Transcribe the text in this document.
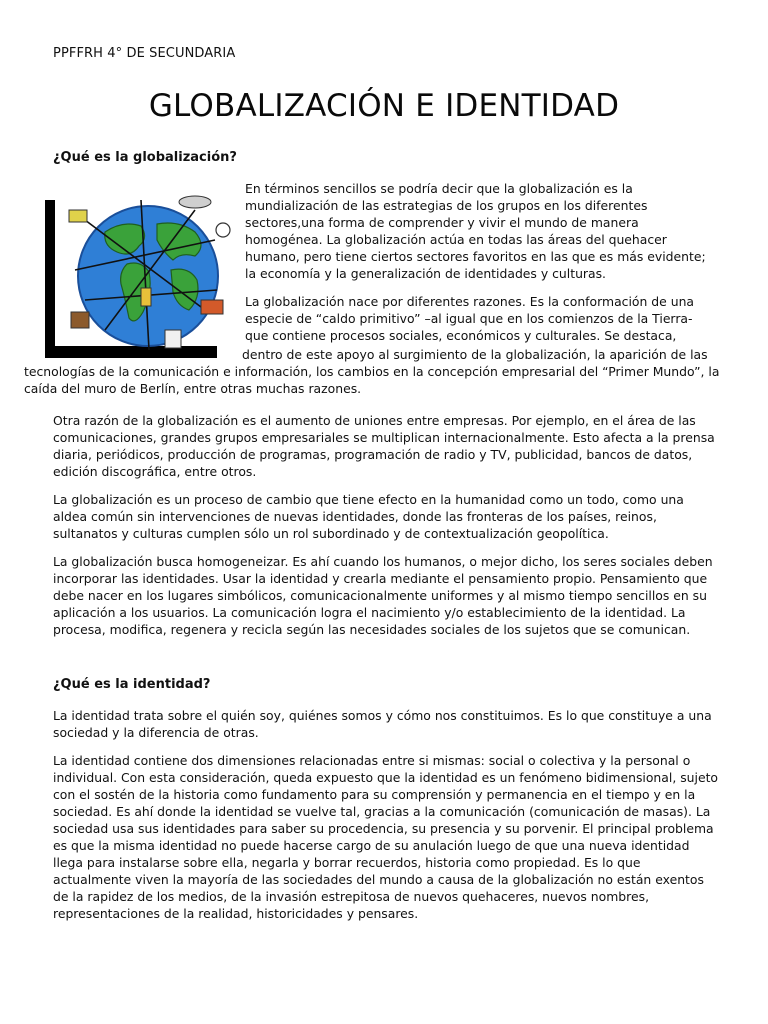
PPFFRH 4° DE SECUNDARIA
GLOBALIZACIÓN E IDENTIDAD
¿Qué es la globalización?

En términos sencillos se podría decir que la globalización es la mundialización de las estrategias de los grupos en los diferentes sectores,una forma de comprender y vivir el mundo de manera homogénea. La globalización actúa en todas las áreas del quehacer humano, pero tiene ciertos sectores favoritos en las que es más evidente; la economía y la generalización de identidades y culturas.

La globalización nace por diferentes razones. Es la conformación de una especie de “caldo primitivo” –al igual que en los comienzos de la Tierra- que contiene procesos sociales, económicos y culturales. Se destaca,

dentro de este apoyo al surgimiento de la globalización, la aparición de las tecnologías de la comunicación e información, los cambios en la concepción empresarial del “Primer Mundo”, la caída del muro de Berlín, entre otras muchas razones.

Otra razón de la globalización es el aumento de uniones entre empresas. Por ejemplo, en el área de las comunicaciones, grandes grupos empresariales se multiplican internacionalmente. Esto afecta a la prensa diaria, periódicos, producción de programas, programación de radio y TV, publicidad, bancos de datos, edición discográfica, entre otros.

La globalización es un proceso de cambio que tiene efecto en la humanidad como un todo, como una aldea común sin intervenciones de nuevas identidades, donde las fronteras de los países, reinos, sultanatos y culturas cumplen sólo un rol subordinado y de contextualización geopolítica.

La globalización busca homogeneizar. Es ahí cuando los humanos, o mejor dicho, los seres sociales deben incorporar las identidades. Usar la identidad y crearla mediante el pensamiento propio. Pensamiento que debe nacer en los lugares simbólicos, comunicacionalmente uniformes y al mismo tiempo sencillos en su aplicación a los usuarios. La comunicación logra el nacimiento y/o establecimiento de la identidad. La procesa, modifica, regenera y recicla según las necesidades sociales de los sujetos que se comunican.

¿Qué es la identidad?

La identidad trata sobre el quién soy, quiénes somos y cómo nos constituimos. Es lo que constituye a una sociedad y la diferencia de otras.

La identidad contiene dos dimensiones relacionadas entre si mismas: social o colectiva y la personal o individual. Con esta consideración, queda expuesto que la identidad es un fenómeno bidimensional, sujeto con el sostén de la historia como fundamento para su comprensión y permanencia en el tiempo y en la sociedad. Es ahí donde la identidad se vuelve tal, gracias a la comunicación (comunicación de masas). La sociedad usa sus identidades para saber su procedencia, su presencia y su porvenir. El principal problema es que la misma identidad no puede hacerse cargo de su anulación luego de que una nueva identidad llega para instalarse sobre ella, negarla y borrar recuerdos, historia como propiedad. Es lo que actualmente viven la mayoría de las sociedades del mundo a causa de la globalización no están exentos de la rapidez de los medios, de la invasión estrepitosa de nuevos quehaceres, nuevos nombres, representaciones de la realidad, historicidades y pensares.
